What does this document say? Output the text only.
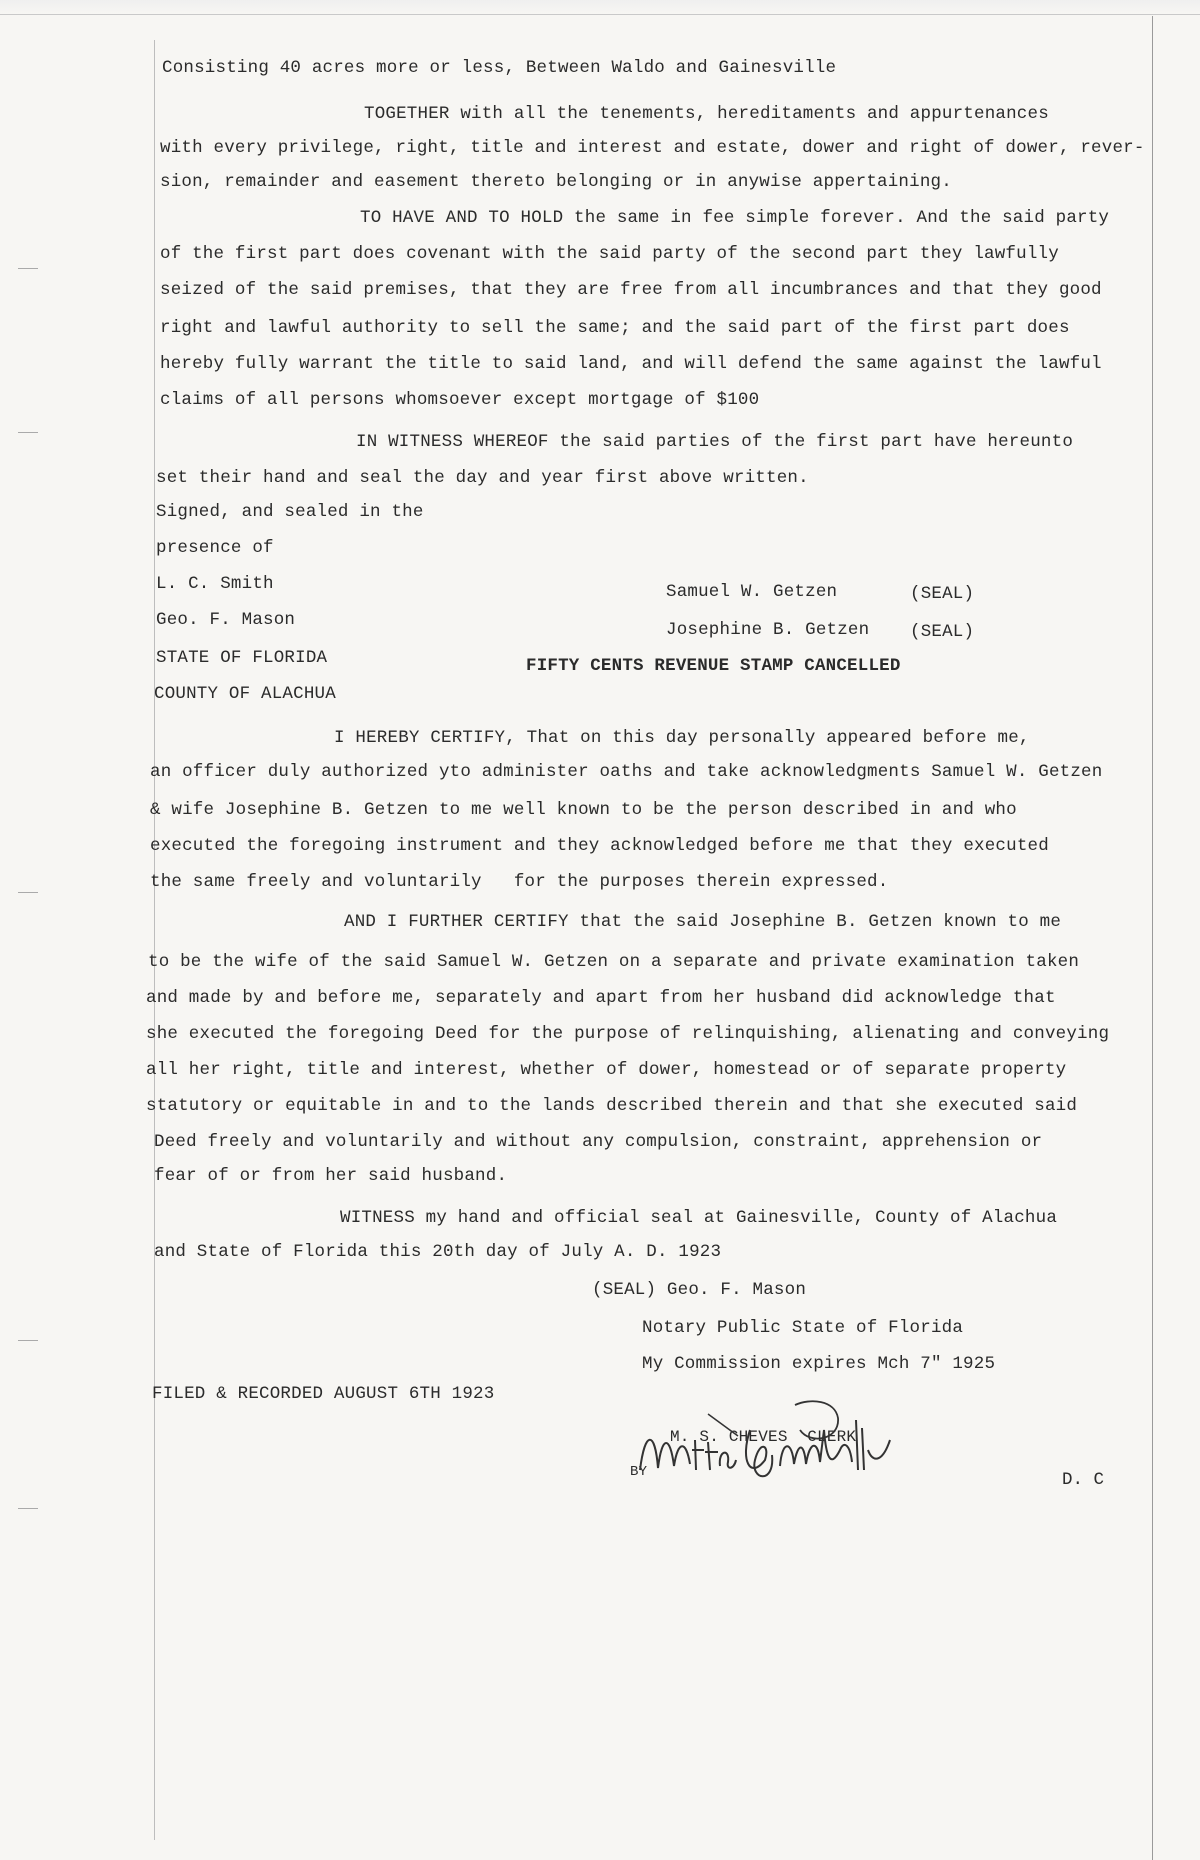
Consisting 40 acres more or less, Between Waldo and Gainesville
TOGETHER with all the tenements, hereditaments and appurtenances
with every privilege, right, title and interest and estate, dower and right of dower, rever-
sion, remainder and easement thereto belonging or in anywise appertaining.
TO HAVE AND TO HOLD the same in fee simple forever. And the said party
of the first part does covenant with the said party of the second part they lawfully
seized of the said premises, that they are free from all incumbrances and that they good
right and lawful authority to sell the same; and the said part of the first part does
hereby fully warrant the title to said land, and will defend the same against the lawful
claims of all persons whomsoever except mortgage of $100
IN WITNESS WHEREOF the said parties of the first part have hereunto
set their hand and seal the day and year first above written.
Signed, and sealed in the
presence of
L. C. Smith
Geo. F. Mason
Samuel W. Getzen	(SEAL)
Josephine B. Getzen (SEAL)
STATE OF FLORIDA	FIFTY CENTS REVENUE STAMP CANCELLED
COUNTY OF ALACHUA
I HEREBY CERTIFY, That on this day personally appeared before me,
an officer duly authorized yto administer oaths and take acknowledgments Samuel W. Getzen
& wife Josephine B. Getzen to me well known to be the person described in and who
executed the foregoing instrument and they acknowledged before me that they executed
the same freely and voluntarily   for the purposes therein expressed.
AND I FURTHER CERTIFY that the said Josephine B. Getzen known to me
to be the wife of the said Samuel W. Getzen on a separate and private examination taken
and made by and before me, separately and apart from her husband did acknowledge that
she executed the foregoing Deed for the purpose of relinquishing, alienating and conveying
all her right, title and interest, whether of dower, homestead or of separate property
statutory or equitable in and to the lands described therein and that she executed said
Deed freely and voluntarily and without any compulsion, constraint, apprehension or
fear of or from her said husband.
WITNESS my hand and official seal at Gainesville, County of Alachua
and State of Florida this 20th day of July A. D. 1923
(SEAL) Geo. F. Mason
Notary Public State of Florida
My Commission expires Mch 7" 1925
FILED & RECORDED AUGUST 6TH 1923
M. S. CHEVES  CLERK
BY	D. C
